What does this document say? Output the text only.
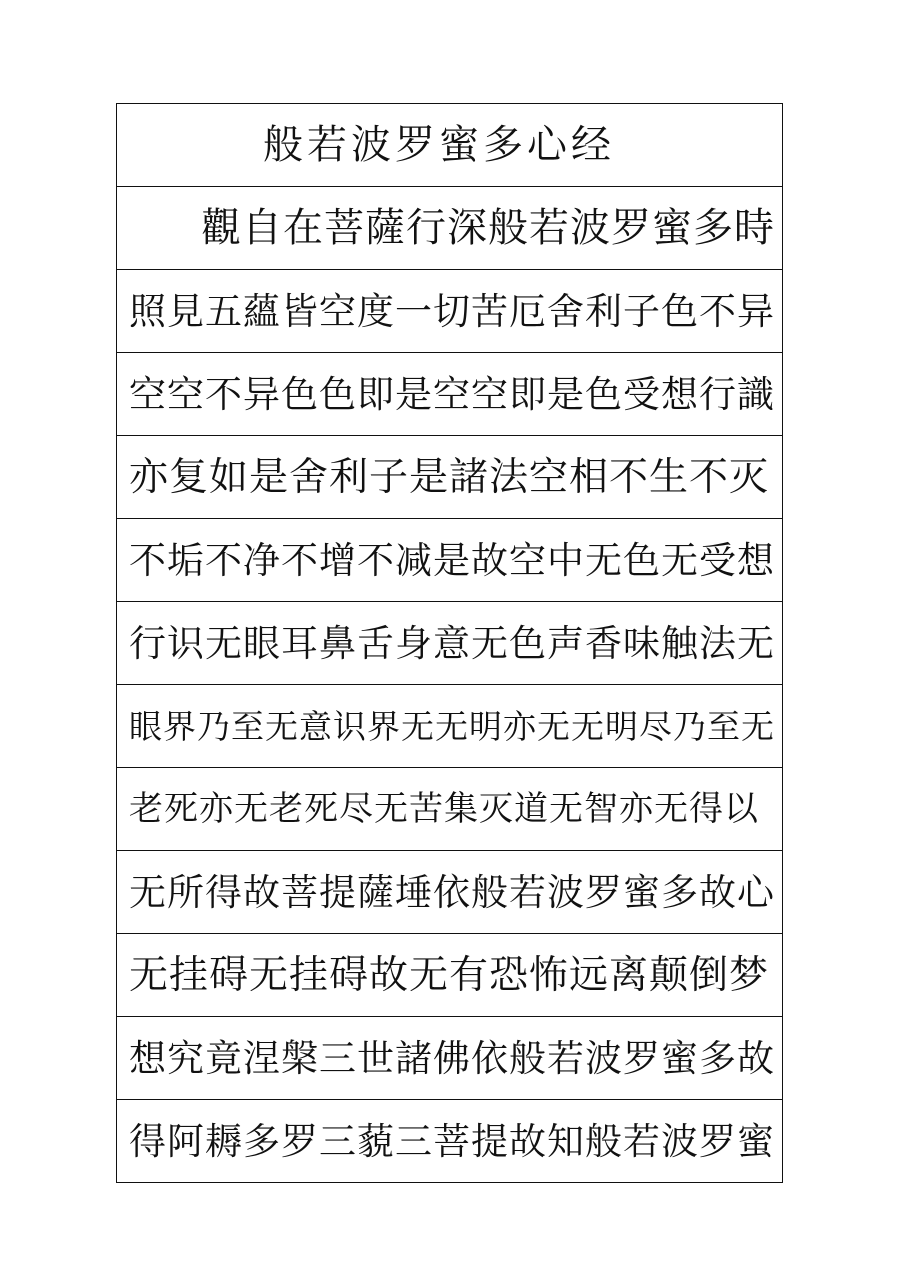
般若波罗蜜多心经
觀自在菩薩行深般若波罗蜜多時
照見五蘊皆空度一切苦厄舍利子色不异
空空不异色色即是空空即是色受想行識
亦复如是舍利子是諸法空相不生不灭
不垢不净不增不减是故空中无色无受想
行识无眼耳鼻舌身意无色声香味触法无
眼界乃至无意识界无无明亦无无明尽乃至无
老死亦无老死尽无苦集灭道无智亦无得以
无所得故菩提薩埵依般若波罗蜜多故心
无挂碍无挂碍故无有恐怖远离颠倒梦
想究竟涅槃三世諸佛依般若波罗蜜多故
得阿耨多罗三藐三菩提故知般若波罗蜜
